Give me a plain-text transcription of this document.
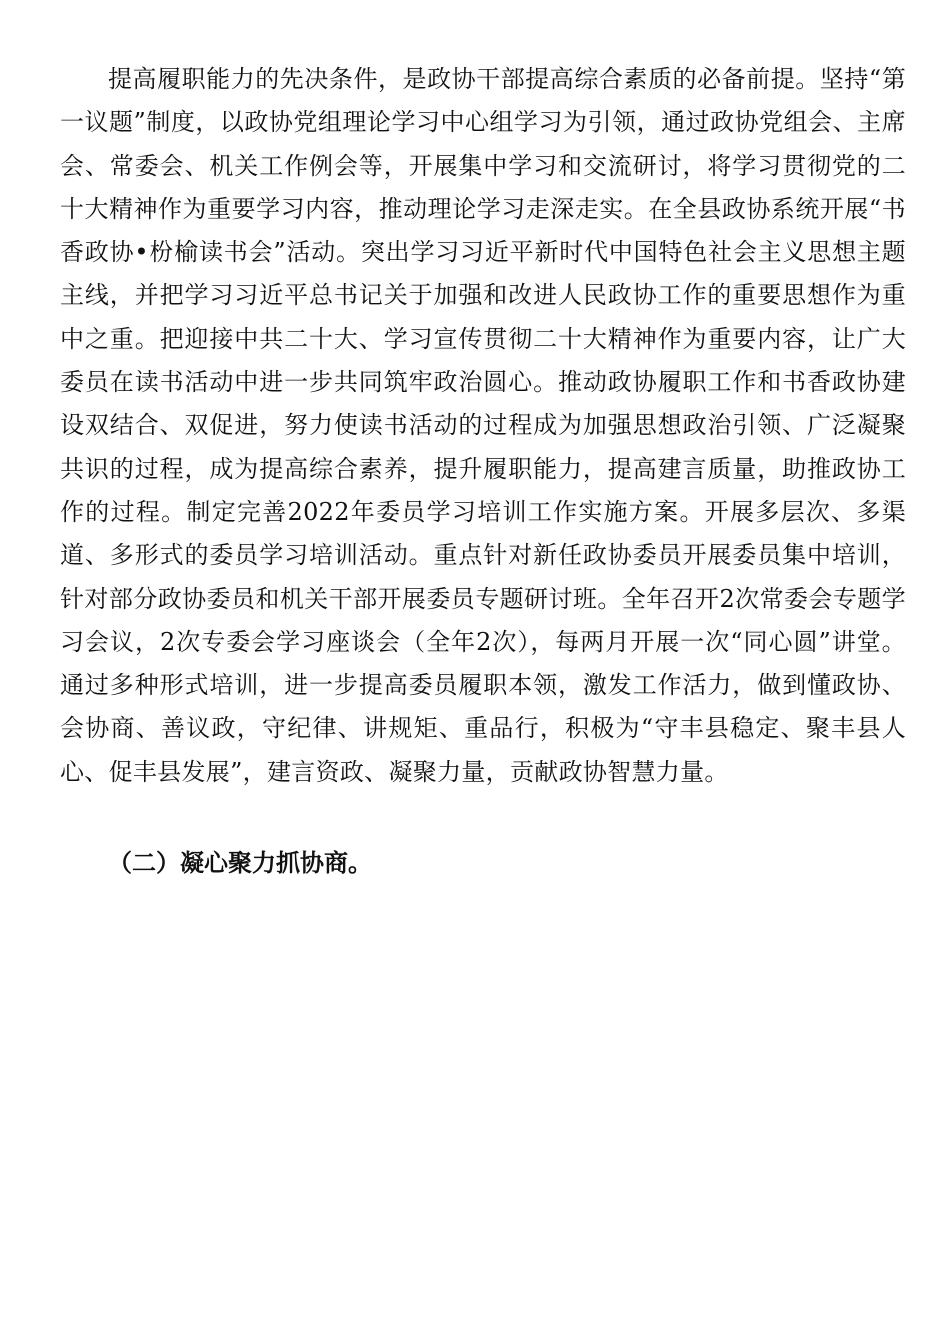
提高履职能力的先决条件，是政协干部提高综合素质的必备前提。坚持“第一议题”制度，以政协党组理论学习中心组学习为引领，通过政协党组会、主席会、常委会、机关工作例会等，开展集中学习和交流研讨，将学习贯彻党的二十大精神作为重要学习内容，推动理论学习走深走实。在全县政协系统开展“书香政协•枌榆读书会”活动。突出学习习近平新时代中国特色社会主义思想主题主线，并把学习习近平总书记关于加强和改进人民政协工作的重要思想作为重中之重。把迎接中共二十大、学习宣传贯彻二十大精神作为重要内容，让广大委员在读书活动中进一步共同筑牢政治圆心。推动政协履职工作和书香政协建设双结合、双促进，努力使读书活动的过程成为加强思想政治引领、广泛凝聚共识的过程，成为提高综合素养，提升履职能力，提高建言质量，助推政协工作的过程。制定完善2022年委员学习培训工作实施方案。开展多层次、多渠道、多形式的委员学习培训活动。重点针对新任政协委员开展委员集中培训，针对部分政协委员和机关干部开展委员专题研讨班。全年召开2次常委会专题学习会议，2次专委会学习座谈会（全年2次），每两月开展一次“同心圆”讲堂。通过多种形式培训，进一步提高委员履职本领，激发工作活力，做到懂政协、会协商、善议政，守纪律、讲规矩、重品行，积极为“守丰县稳定、聚丰县人心、促丰县发展”，建言资政、凝聚力量，贡献政协智慧力量。

（二）凝心聚力抓协商。
